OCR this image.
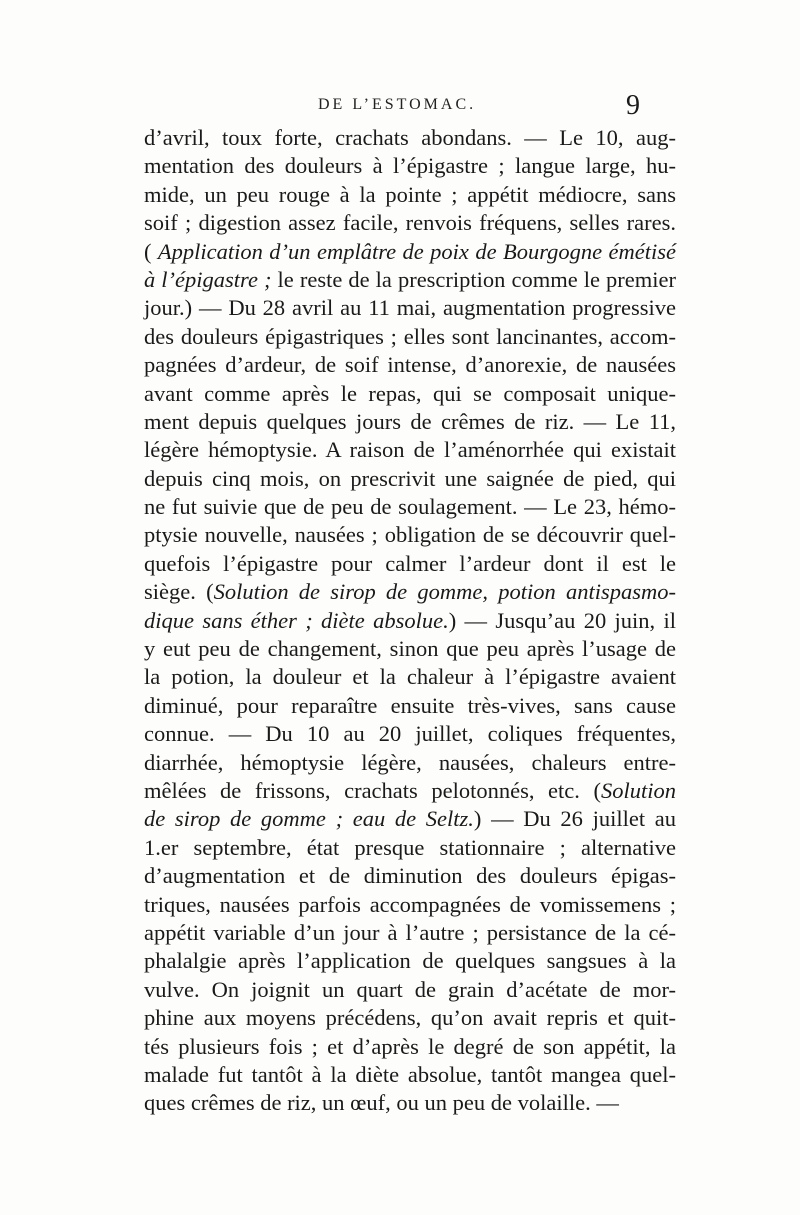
DE L’ESTOMAC.	9
d’avril, toux forte, crachats abondans. — Le 10, aug-
mentation des douleurs à l’épigastre ; langue large, hu-
mide, un peu rouge à la pointe ; appétit médiocre, sans
soif ; digestion assez facile, renvois fréquens, selles rares.
( Application d’un emplâtre de poix de Bourgogne émétisé
à l’épigastre ; le reste de la prescription comme le premier
jour.) — Du 28 avril au 11 mai, augmentation progressive
des douleurs épigastriques ; elles sont lancinantes, accom-
pagnées d’ardeur, de soif intense, d’anorexie, de nausées
avant comme après le repas, qui se composait unique-
ment depuis quelques jours de crêmes de riz. — Le 11,
légère hémoptysie. A raison de l’aménorrhée qui existait
depuis cinq mois, on prescrivit une saignée de pied, qui
ne fut suivie que de peu de soulagement. — Le 23, hémo-
ptysie nouvelle, nausées ; obligation de se découvrir quel-
quefois l’épigastre pour calmer l’ardeur dont il est le
siège. (Solution de sirop de gomme, potion antispasmo-
dique sans éther ; diète absolue.) — Jusqu’au 20 juin, il
y eut peu de changement, sinon que peu après l’usage de
la potion, la douleur et la chaleur à l’épigastre avaient
diminué, pour reparaître ensuite très-vives, sans cause
connue. — Du 10 au 20 juillet, coliques fréquentes,
diarrhée, hémoptysie légère, nausées, chaleurs entre-
mêlées de frissons, crachats pelotonnés, etc. (Solution
de sirop de gomme ; eau de Seltz.) — Du 26 juillet au
1.er septembre, état presque stationnaire ; alternative
d’augmentation et de diminution des douleurs épigas-
triques, nausées parfois accompagnées de vomissemens ;
appétit variable d’un jour à l’autre ; persistance de la cé-
phalalgie après l’application de quelques sangsues à la
vulve. On joignit un quart de grain d’acétate de mor-
phine aux moyens précédens, qu’on avait repris et quit-
tés plusieurs fois ; et d’après le degré de son appétit, la
malade fut tantôt à la diète absolue, tantôt mangea quel-
ques crêmes de riz, un œuf, ou un peu de volaille. —
